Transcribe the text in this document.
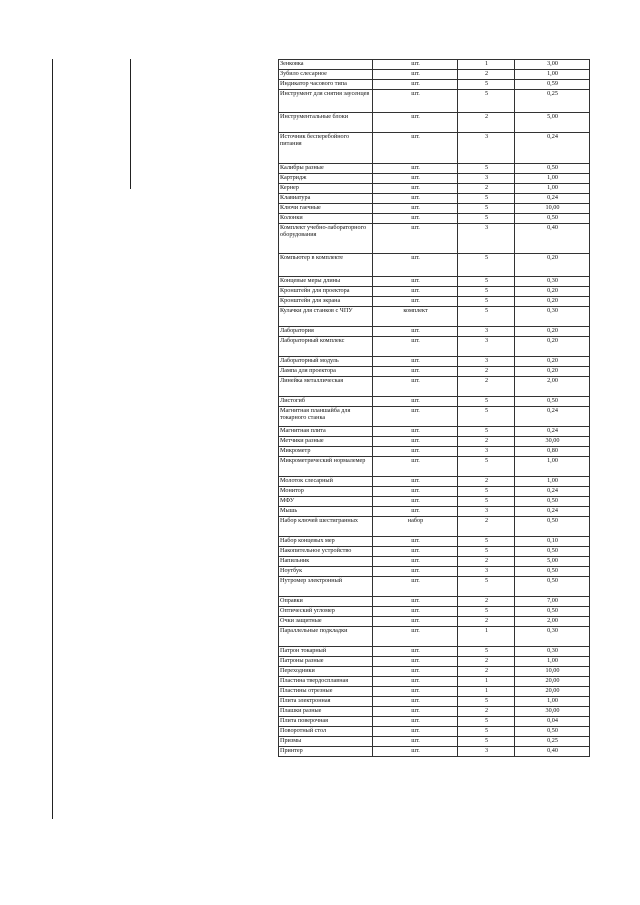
Зенковка	шт.	1	3,00
Зубило слесарное	шт.	2	1,00
Индикатор часового типа	шт.	5	0,59
Инструмент для снятия заусенцев	шт.	5	0,25
Инструментальные блоки	шт.	2	5,00
Источник бесперебойного питания	шт.	3	0,24
Калибры разные	шт.	5	0,50
Картридж	шт.	3	1,00
Кернер	шт.	2	1,00
Клавиатура	шт.	5	0,24
Ключи гаечные	шт.	5	10,00
Колонки	шт.	5	0,50
Комплект учебно-лабораторного оборудования	шт.	3	0,40
Компьютер в комплекте	шт.	5	0,20
Концевые меры длины	шт.	5	0,30
Кронштейн для проектора	шт.	5	0,20
Кронштейн для экрана	шт.	5	0,20
Кулачки для станков с ЧПУ	комплект	5	0,30
Лаборатория	шт.	3	0,20
Лабораторный комплекс	шт.	3	0,20
Лабораторный модуль	шт.	3	0,20
Лампа для проектора	шт.	2	0,20
Линейка металлическая	шт.	2	2,00
Листогиб	шт.	5	0,50
Магнитная планшайба для токарного станка	шт.	5	0,24
Магнитная плита	шт.	5	0,24
Метчики разные	шт.	2	30,00
Микрометр	шт.	3	0,80
Микрометрический нормалемер	шт.	5	1,00
Молоток слесарный	шт.	2	1,00
Монитор	шт.	5	0,24
МФУ	шт.	5	0,50
Мышь	шт.	3	0,24
Набор ключей шестигранных	набор	2	0,50
Набор концевых мер	шт.	5	0,10
Накопительное устройство	шт.	5	0,50
Напильник	шт.	2	5,00
Ноутбук	шт.	3	0,50
Нутромер электронный	шт.	5	0,50
Оправки	шт.	2	7,00
Оптический угломер	шт.	5	0,50
Очки защитные	шт.	2	2,00
Параллельные подкладки	шт.	1	0,30
Патрон токарный	шт.	5	0,30
Патроны разные	шт.	2	1,00
Переходники	шт.	2	10,00
Пластина твердосплавная	шт.	1	20,00
Пластины отрезные	шт.	1	20,00
Плита электронная	шт.	5	1,00
Плашки разные	шт.	2	30,00
Плита поверочная	шт.	5	0,04
Поворотный стол	шт.	5	0,50
Призмы	шт.	5	0,25
Принтер	шт.	3	0,40
